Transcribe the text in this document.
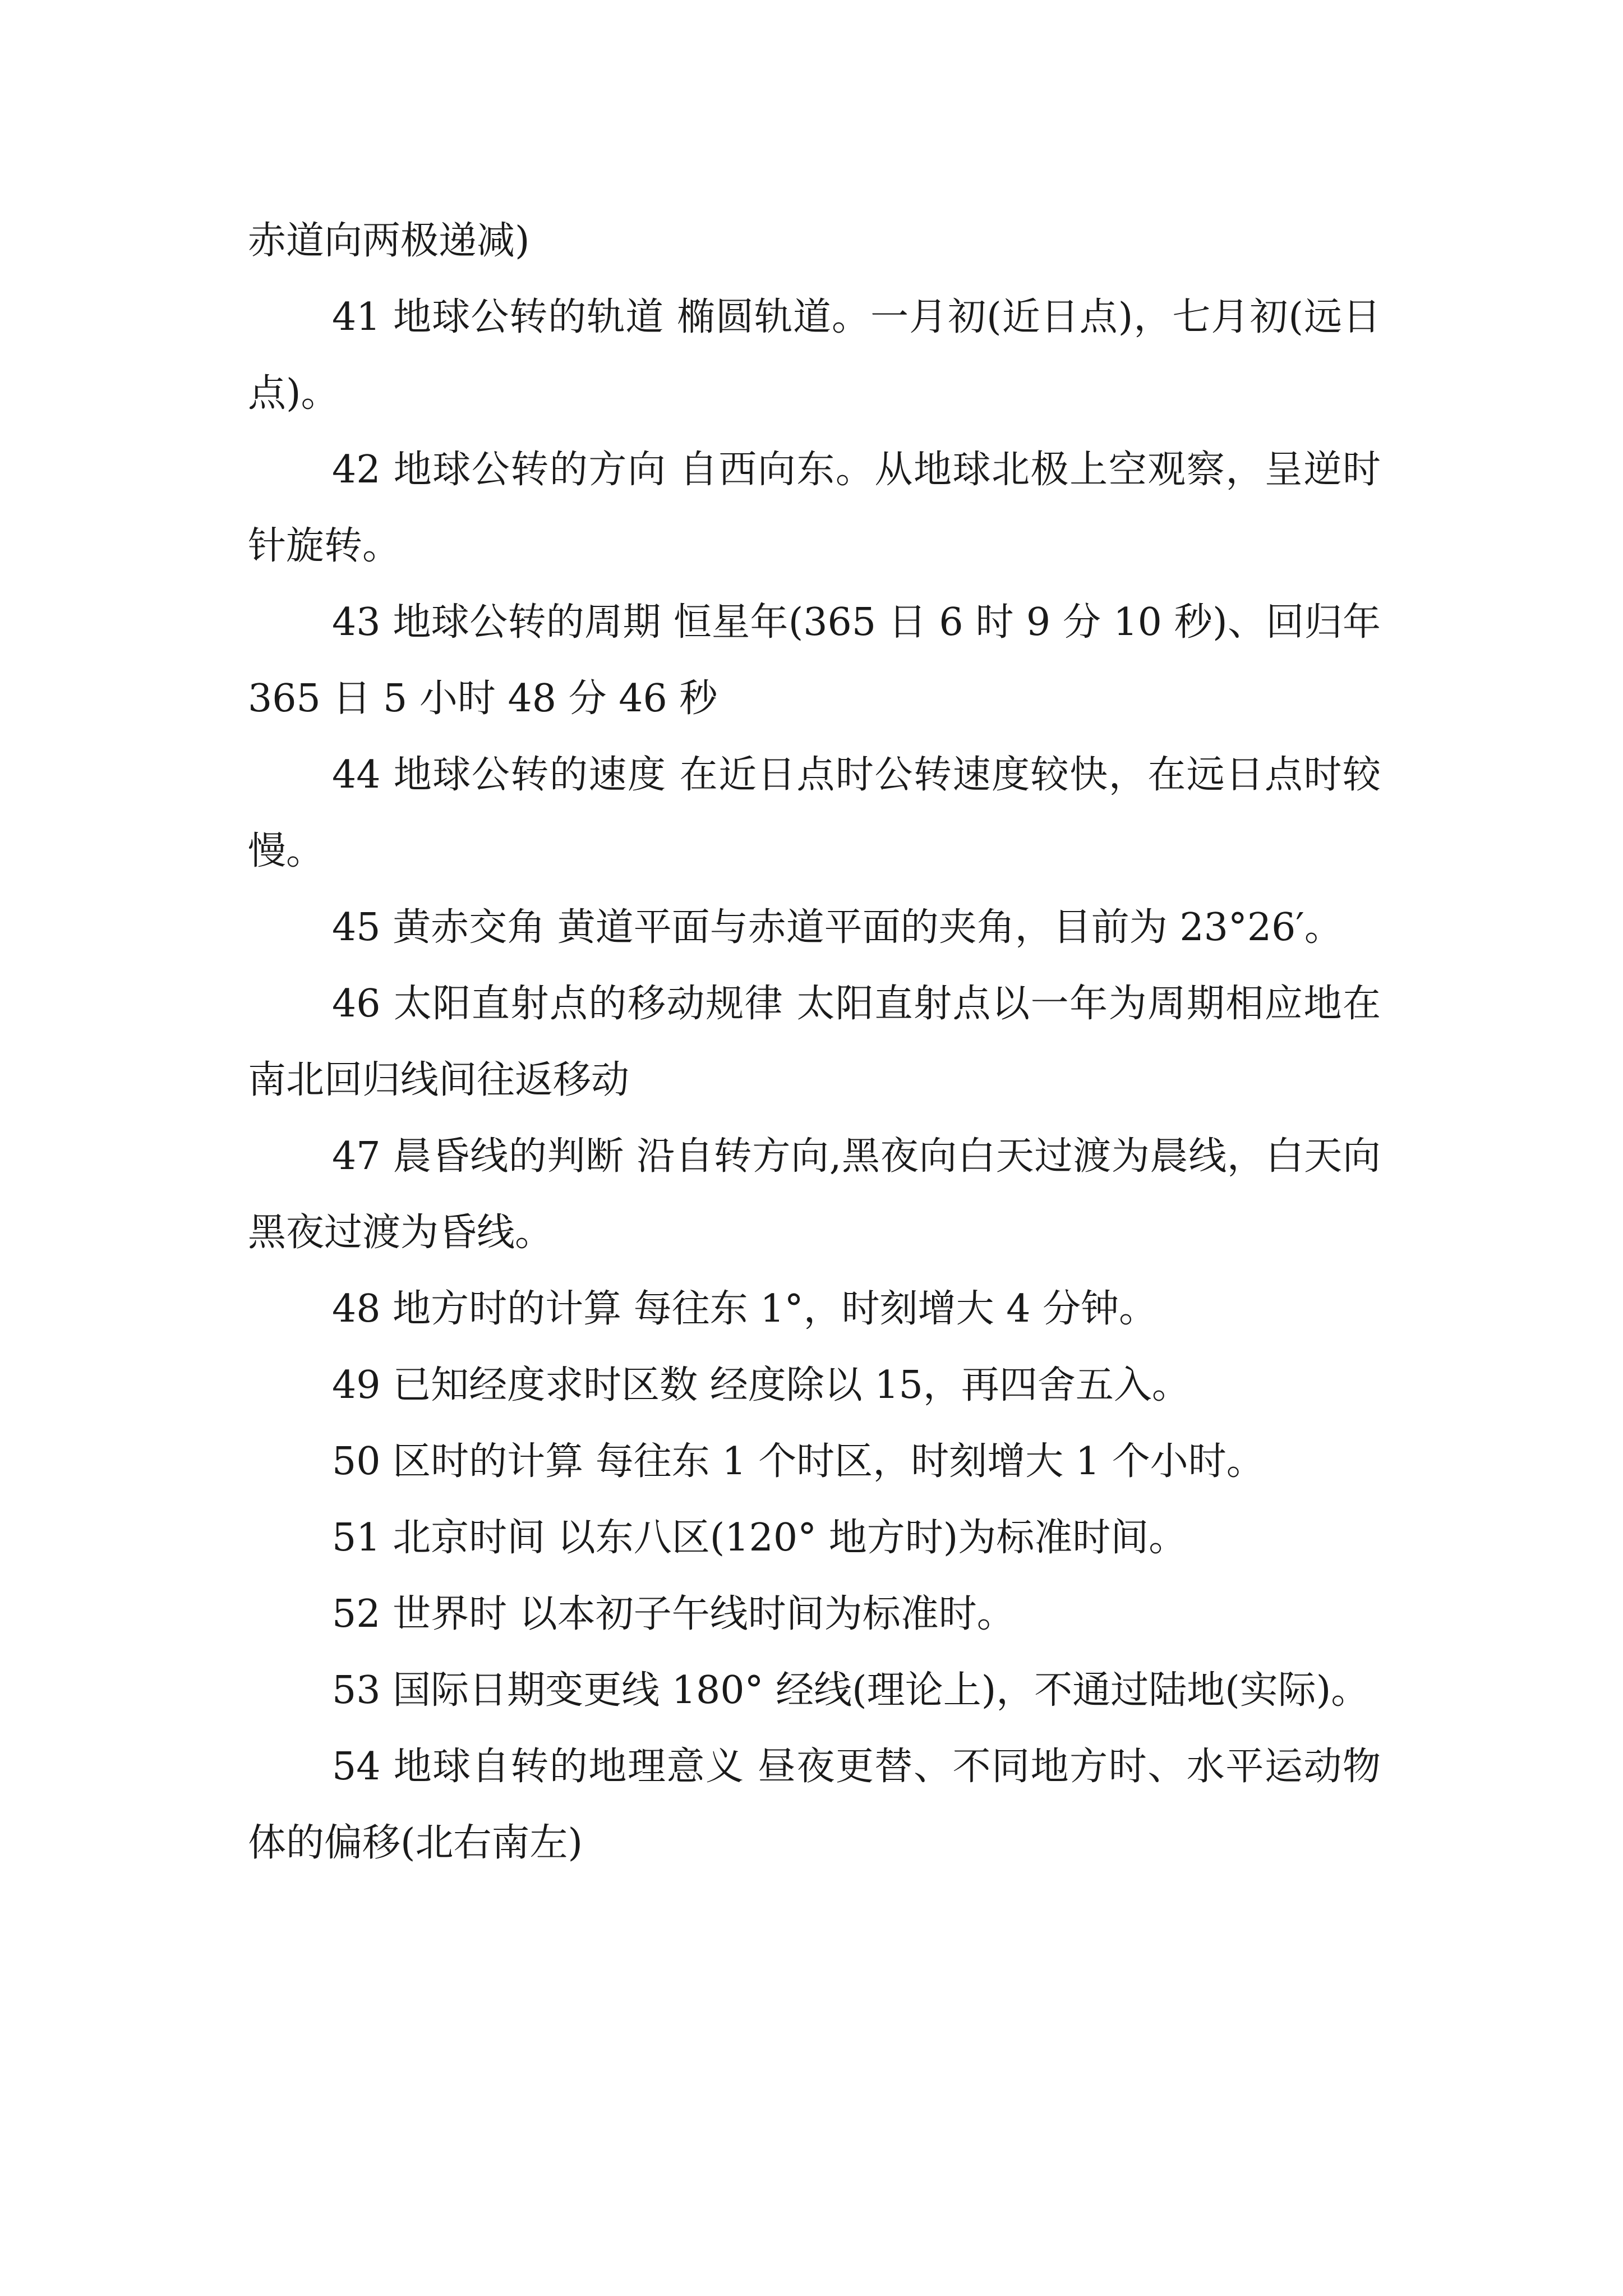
赤道向两极递减)

41 地球公转的轨道 椭圆轨道。一月初(近日点)，七月初(远日点)。

42 地球公转的方向 自西向东。从地球北极上空观察，呈逆时针旋转。

43 地球公转的周期 恒星年(365 日 6 时 9 分 10 秒)、回归年 365 日 5 小时 48 分 46 秒

44 地球公转的速度 在近日点时公转速度较快，在远日点时较慢。

45 黄赤交角 黄道平面与赤道平面的夹角，目前为 23°26′。

46 太阳直射点的移动规律 太阳直射点以一年为周期相应地在南北回归线间往返移动

47 晨昏线的判断 沿自转方向,黑夜向白天过渡为晨线，白天向黑夜过渡为昏线。

48 地方时的计算 每往东 1°，时刻增大 4 分钟。

49 已知经度求时区数 经度除以 15，再四舍五入。

50 区时的计算 每往东 1 个时区，时刻增大 1 个小时。

51 北京时间 以东八区(120° 地方时)为标准时间。

52 世界时 以本初子午线时间为标准时。

53 国际日期变更线 180° 经线(理论上)，不通过陆地(实际)。

54 地球自转的地理意义 昼夜更替、不同地方时、水平运动物体的偏移(北右南左)
